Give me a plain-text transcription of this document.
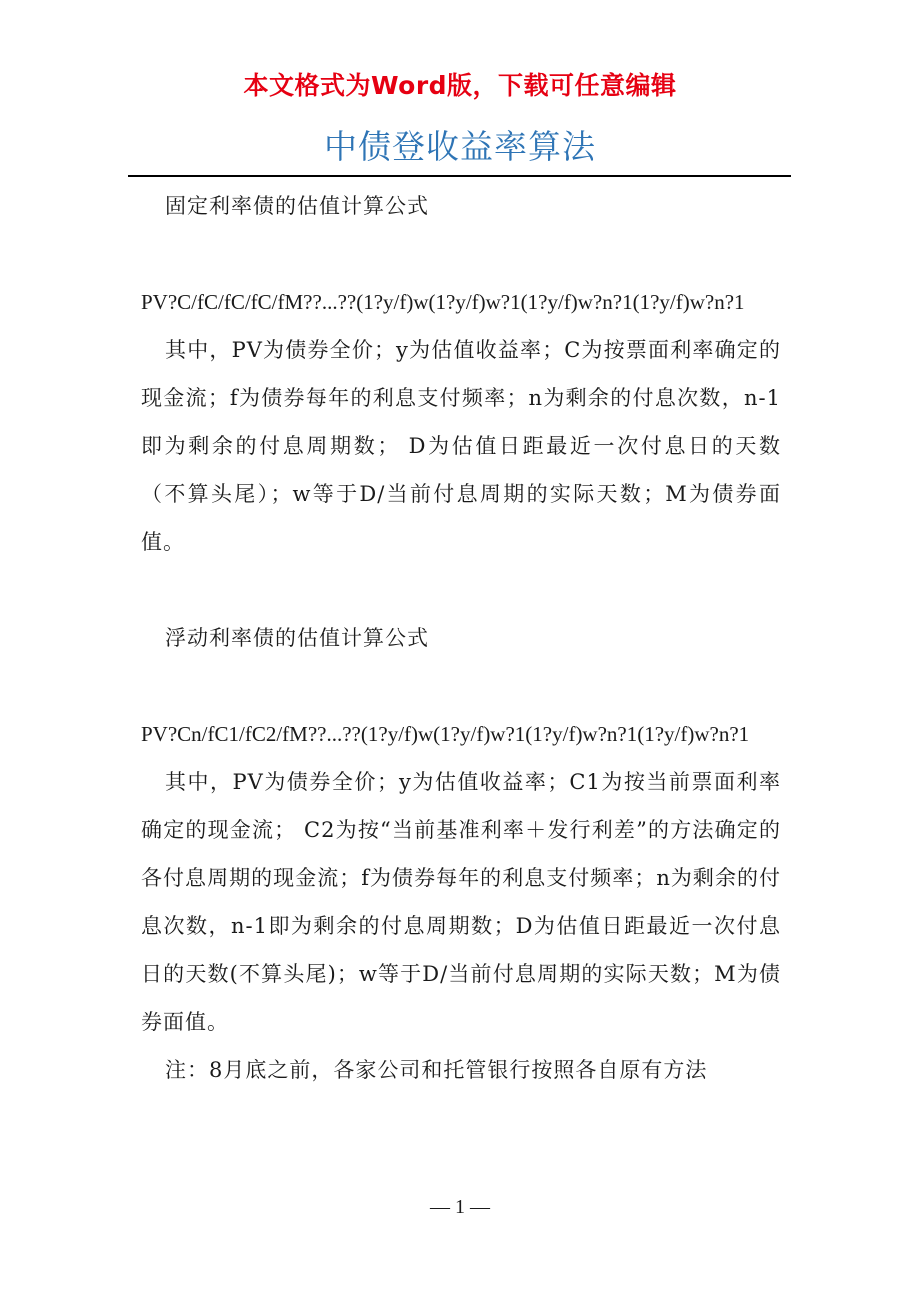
本文格式为Word版，下载可任意编辑
中债登收益率算法

固定利率债的估值计算公式

PV?C/fC/fC/fC/fM??...??(1?y/f)w(1?y/f)w?1(1?y/f)w?n?1(1?y/f)w?n?1

其中，PV为债券全价；y为估值收益率；C为按票面利率确定的现金流；f为债券每年的利息支付频率；n为剩余的付息次数，n-1即为剩余的付息周期数； D为估值日距最近一次付息日的天数（不算头尾）；w等于D/当前付息周期的实际天数；M为债券面值。

浮动利率债的估值计算公式

PV?Cn/fC1/fC2/fM??...??(1?y/f)w(1?y/f)w?1(1?y/f)w?n?1(1?y/f)w?n?1

其中，PV为债券全价；y为估值收益率；C1为按当前票面利率确定的现金流； C2为按“当前基准利率＋发行利差”的方法确定的各付息周期的现金流；f为债券每年的利息支付频率；n为剩余的付息次数，n-1即为剩余的付息周期数；D为估值日距最近一次付息日的天数(不算头尾)；w等于D/当前付息周期的实际天数；M为债券面值。

注：8月底之前，各家公司和托管银行按照各自原有方法

— 1 —
